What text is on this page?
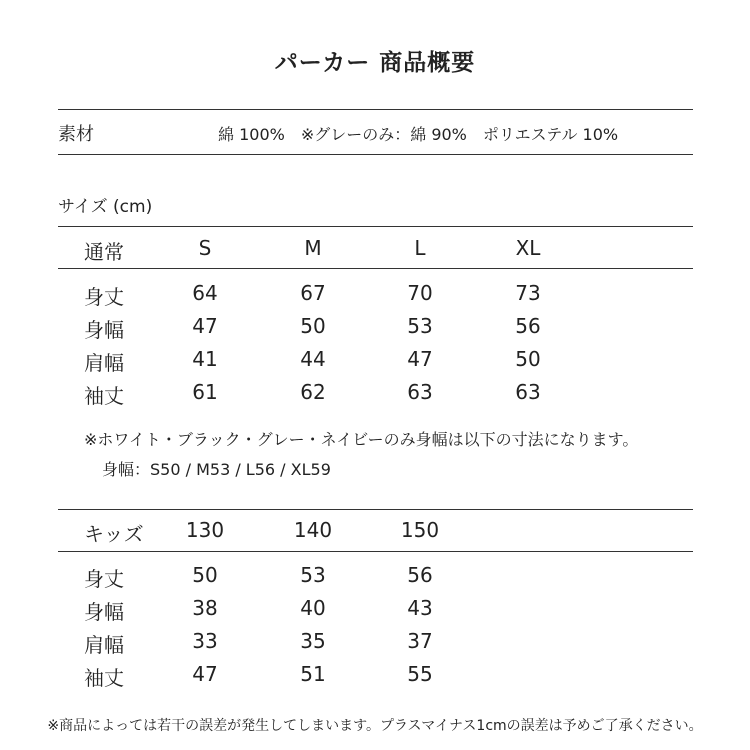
パーカー 商品概要
素材	綿 100%　※グレーのみ：綿 90%　ポリエステル 10%
サイズ (cm)
通常	S	M	L	XL
身丈	64	67	70	73
身幅	47	50	53	56
肩幅	41	44	47	50
袖丈	61	62	63	63
※ホワイト・ブラック・グレー・ネイビーのみ身幅は以下の寸法になります。
身幅：S50 / M53 / L56 / XL59
キッズ 130	140	150
身丈	50	53	56
身幅	38	40	43
肩幅	33	35	37
袖丈	47	51	55
※商品によっては若干の誤差が発生してしまいます。プラスマイナス1cmの誤差は予めご了承ください。
